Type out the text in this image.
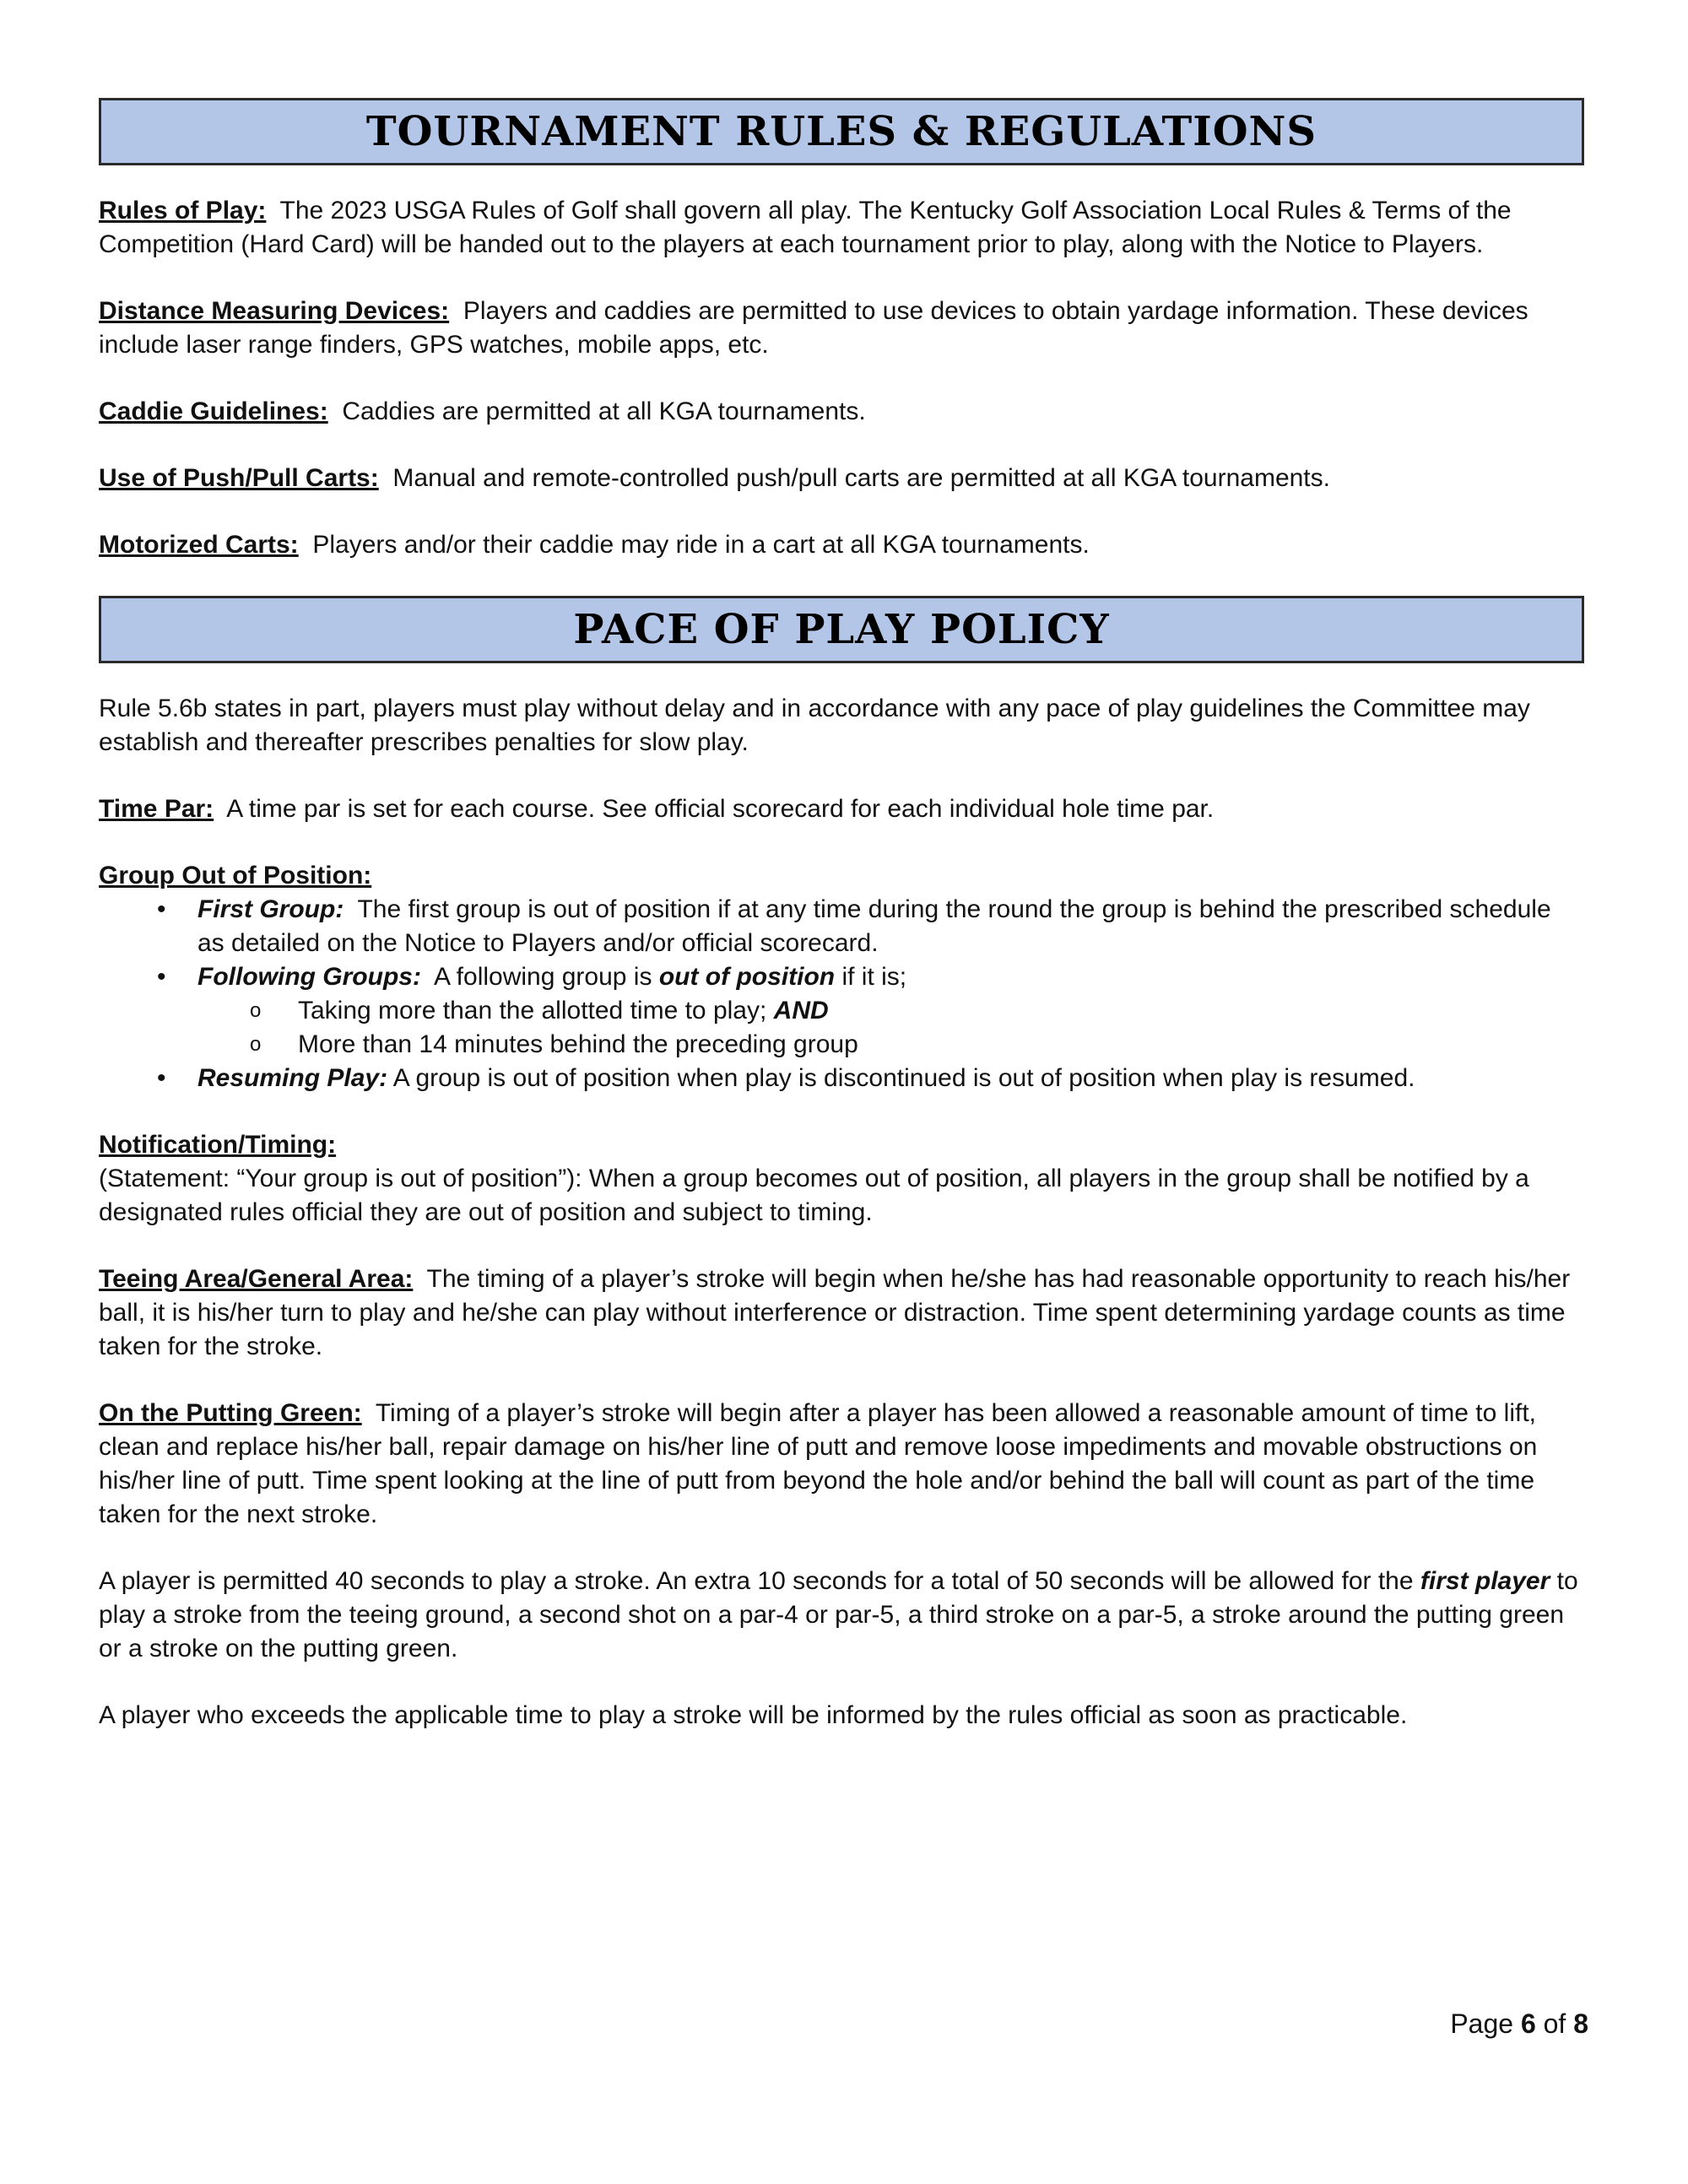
TOURNAMENT RULES & REGULATIONS

Rules of Play: The 2023 USGA Rules of Golf shall govern all play. The Kentucky Golf Association Local Rules & Terms of the Competition (Hard Card) will be handed out to the players at each tournament prior to play, along with the Notice to Players.

Distance Measuring Devices: Players and caddies are permitted to use devices to obtain yardage information. These devices include laser range finders, GPS watches, mobile apps, etc.

Caddie Guidelines: Caddies are permitted at all KGA tournaments.

Use of Push/Pull Carts: Manual and remote-controlled push/pull carts are permitted at all KGA tournaments.

Motorized Carts: Players and/or their caddie may ride in a cart at all KGA tournaments.

PACE OF PLAY POLICY

Rule 5.6b states in part, players must play without delay and in accordance with any pace of play guidelines the Committee may establish and thereafter prescribes penalties for slow play.

Time Par: A time par is set for each course. See official scorecard for each individual hole time par.

Group Out of Position:

• First Group: The first group is out of position if at any time during the round the group is behind the prescribed schedule as detailed on the Notice to Players and/or official scorecard.
• Following Groups: A following group is out of position if it is;
o Taking more than the allotted time to play; AND
o More than 14 minutes behind the preceding group
• Resuming Play: A group is out of position when play is discontinued is out of position when play is resumed.

Notification/Timing:

(Statement: “Your group is out of position”): When a group becomes out of position, all players in the group shall be notified by a designated rules official they are out of position and subject to timing.

Teeing Area/General Area: The timing of a player’s stroke will begin when he/she has had reasonable opportunity to reach his/her ball, it is his/her turn to play and he/she can play without interference or distraction. Time spent determining yardage counts as time taken for the stroke.

On the Putting Green: Timing of a player’s stroke will begin after a player has been allowed a reasonable amount of time to lift, clean and replace his/her ball, repair damage on his/her line of putt and remove loose impediments and movable obstructions on his/her line of putt. Time spent looking at the line of putt from beyond the hole and/or behind the ball will count as part of the time taken for the next stroke.

A player is permitted 40 seconds to play a stroke. An extra 10 seconds for a total of 50 seconds will be allowed for the first player to play a stroke from the teeing ground, a second shot on a par-4 or par-5, a third stroke on a par-5, a stroke around the putting green or a stroke on the putting green.

A player who exceeds the applicable time to play a stroke will be informed by the rules official as soon as practicable.

Page 6 of 8
